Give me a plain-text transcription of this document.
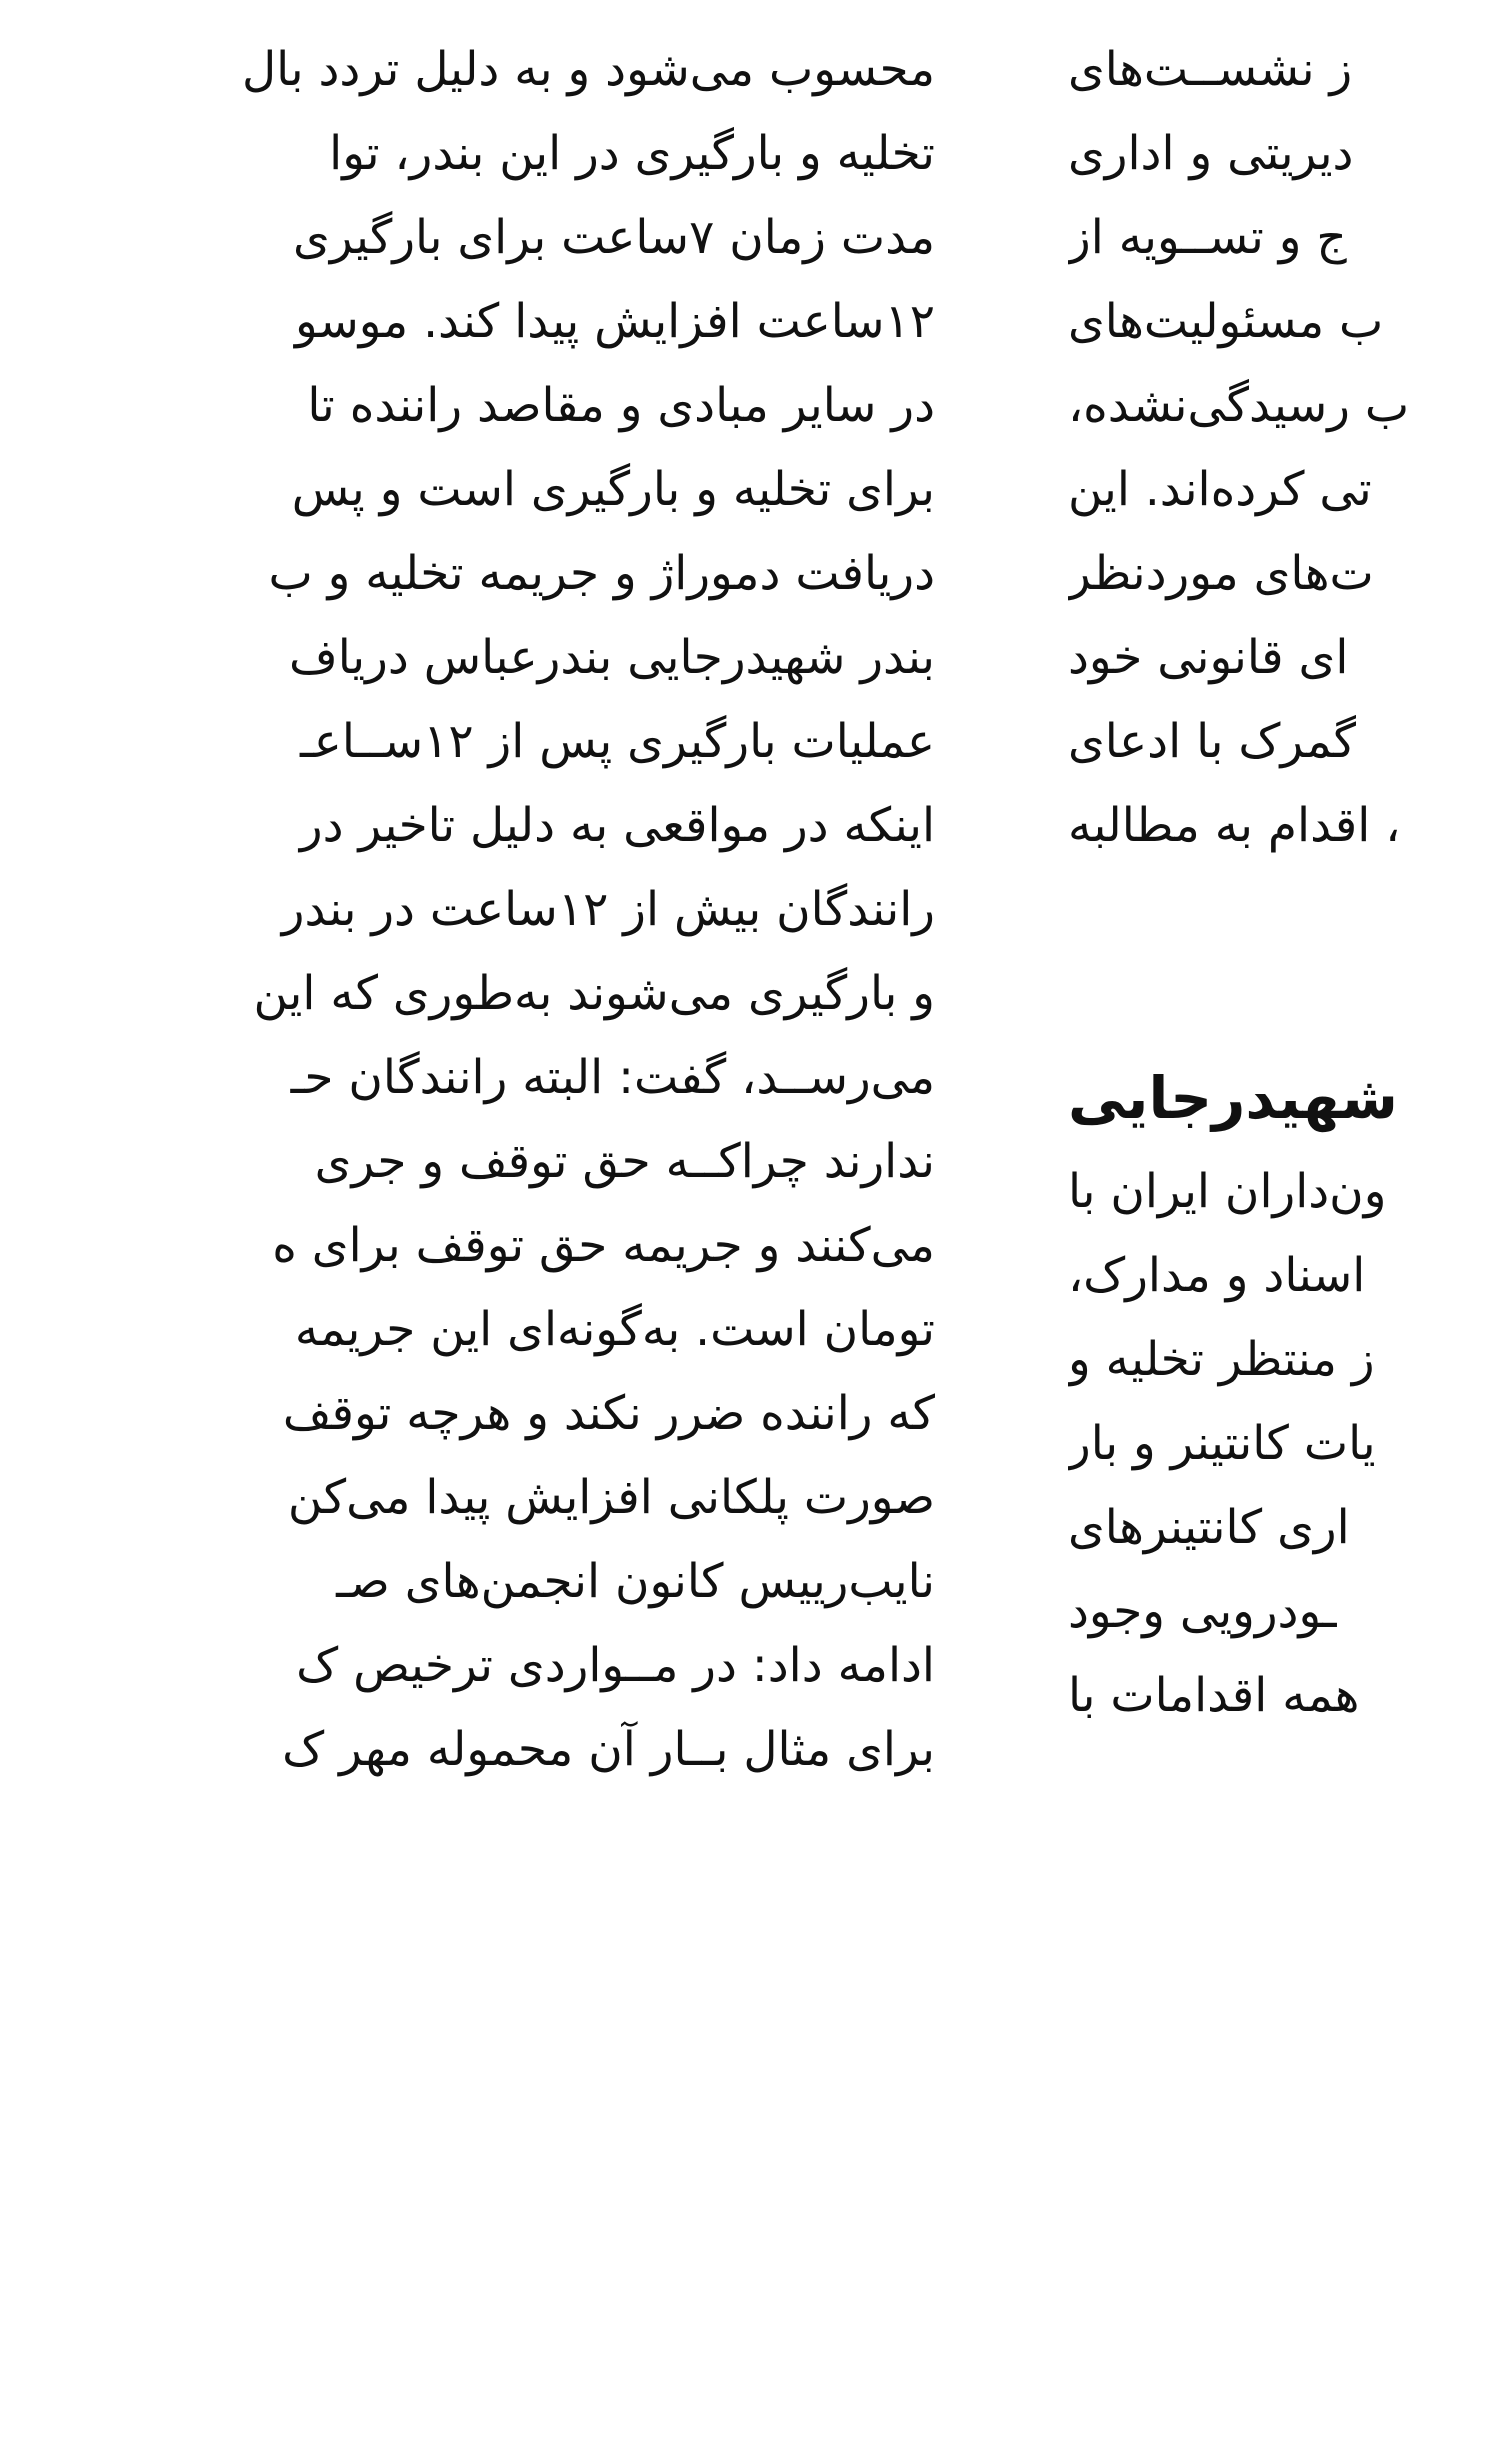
محسوب می‌شود و به دلیل تردد بال

تخلیه و بارگیری در این بندر، توا

مدت زمان ۷ساعت برای بارگیری

۱۲ساعت افزایش پیدا کند. موسو

در سایر مبادی و مقاصد راننده تا

برای تخلیه و بارگیری است و پس

دریافت دموراژ و جریمه تخلیه و ب

بندر شهیدرجایی بندرعباس دریاف

عملیات بارگیری پس از ۱۲ســاعـ

اینکه در مواقعی به دلیل تاخیر در

رانندگان بیش از ۱۲ساعت در بندر

و بارگیری می‌شوند به‌طوری که این

می‌رســد، گفت: البته رانندگان حـ

ندارند چراکــه حق توقف و جری

می‌کنند و جریمه حق توقف برای ه

تومان است. به‌گونه‌ای این جریمه

که راننده ضرر نکند و هرچه توقف

صورت پلکانی افزایش پیدا می‌کن

نایب‌رییس کانون انجمن‌های صـ

ادامه داد: در مــواردی ترخیص ک

برای مثال بــار آن محموله مهر ک

ز نشســت‌های

دیریتی و اداری

ج و تســویه از

ب مسئولیت‌های

ب رسیدگی‌نشده،

تی کرده‌اند. این

ت‌های موردنظر

ای قانونی خود

گمرک با ادعای

، اقدام به مطالبه

شهیدرجایی

ون‌داران ایران با

اسناد و مدارک،

ز منتظر تخلیه و

یات کانتینر و بار

اری کانتینرهای

ـودرویی وجود

همه اقدامات با
